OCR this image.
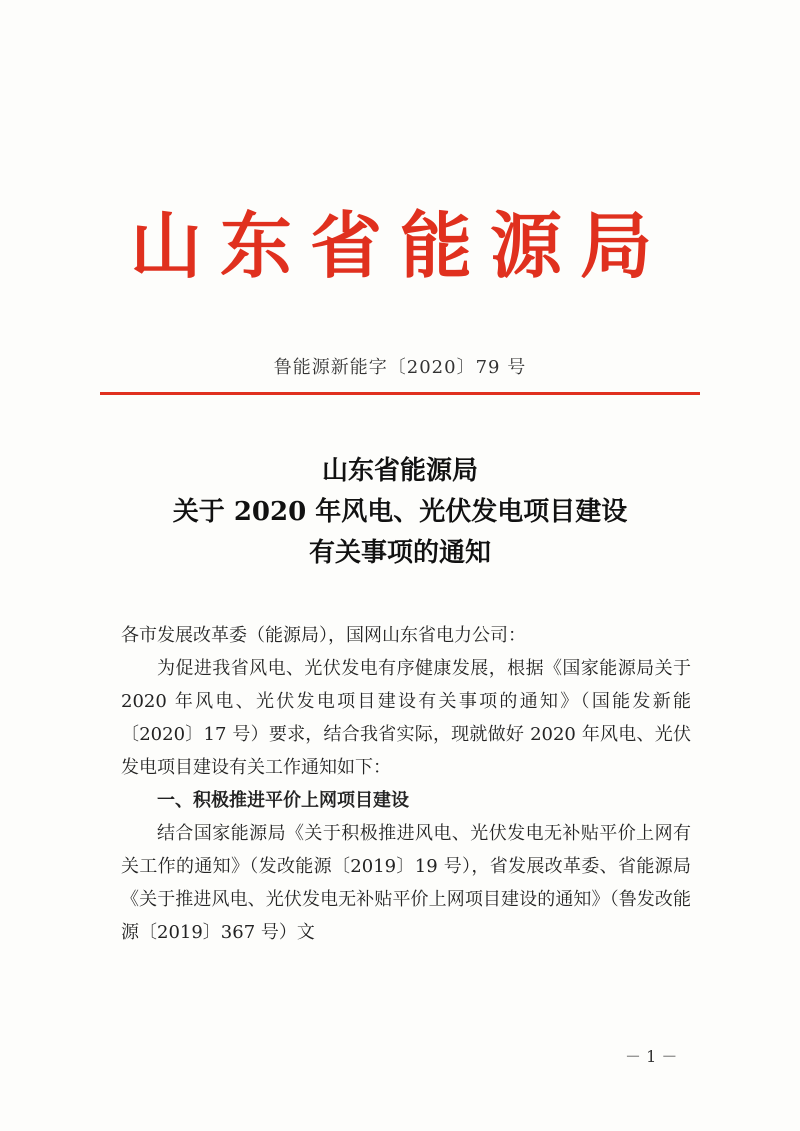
山东省能源局
鲁能源新能字〔2020〕79 号
山东省能源局
关于 2020 年风电、光伏发电项目建设
有关事项的通知

各市发展改革委（能源局），国网山东省电力公司：

为促进我省风电、光伏发电有序健康发展，根据《国家能源局关于 2020 年风电、光伏发电项目建设有关事项的通知》（国能发新能〔2020〕17 号）要求，结合我省实际，现就做好 2020 年风电、光伏发电项目建设有关工作通知如下：

一、积极推进平价上网项目建设

结合国家能源局《关于积极推进风电、光伏发电无补贴平价上网有关工作的通知》（发改能源〔2019〕19 号），省发展改革委、省能源局《关于推进风电、光伏发电无补贴平价上网项目建设的通知》（鲁发改能源〔2019〕367 号）文

－ 1 －
